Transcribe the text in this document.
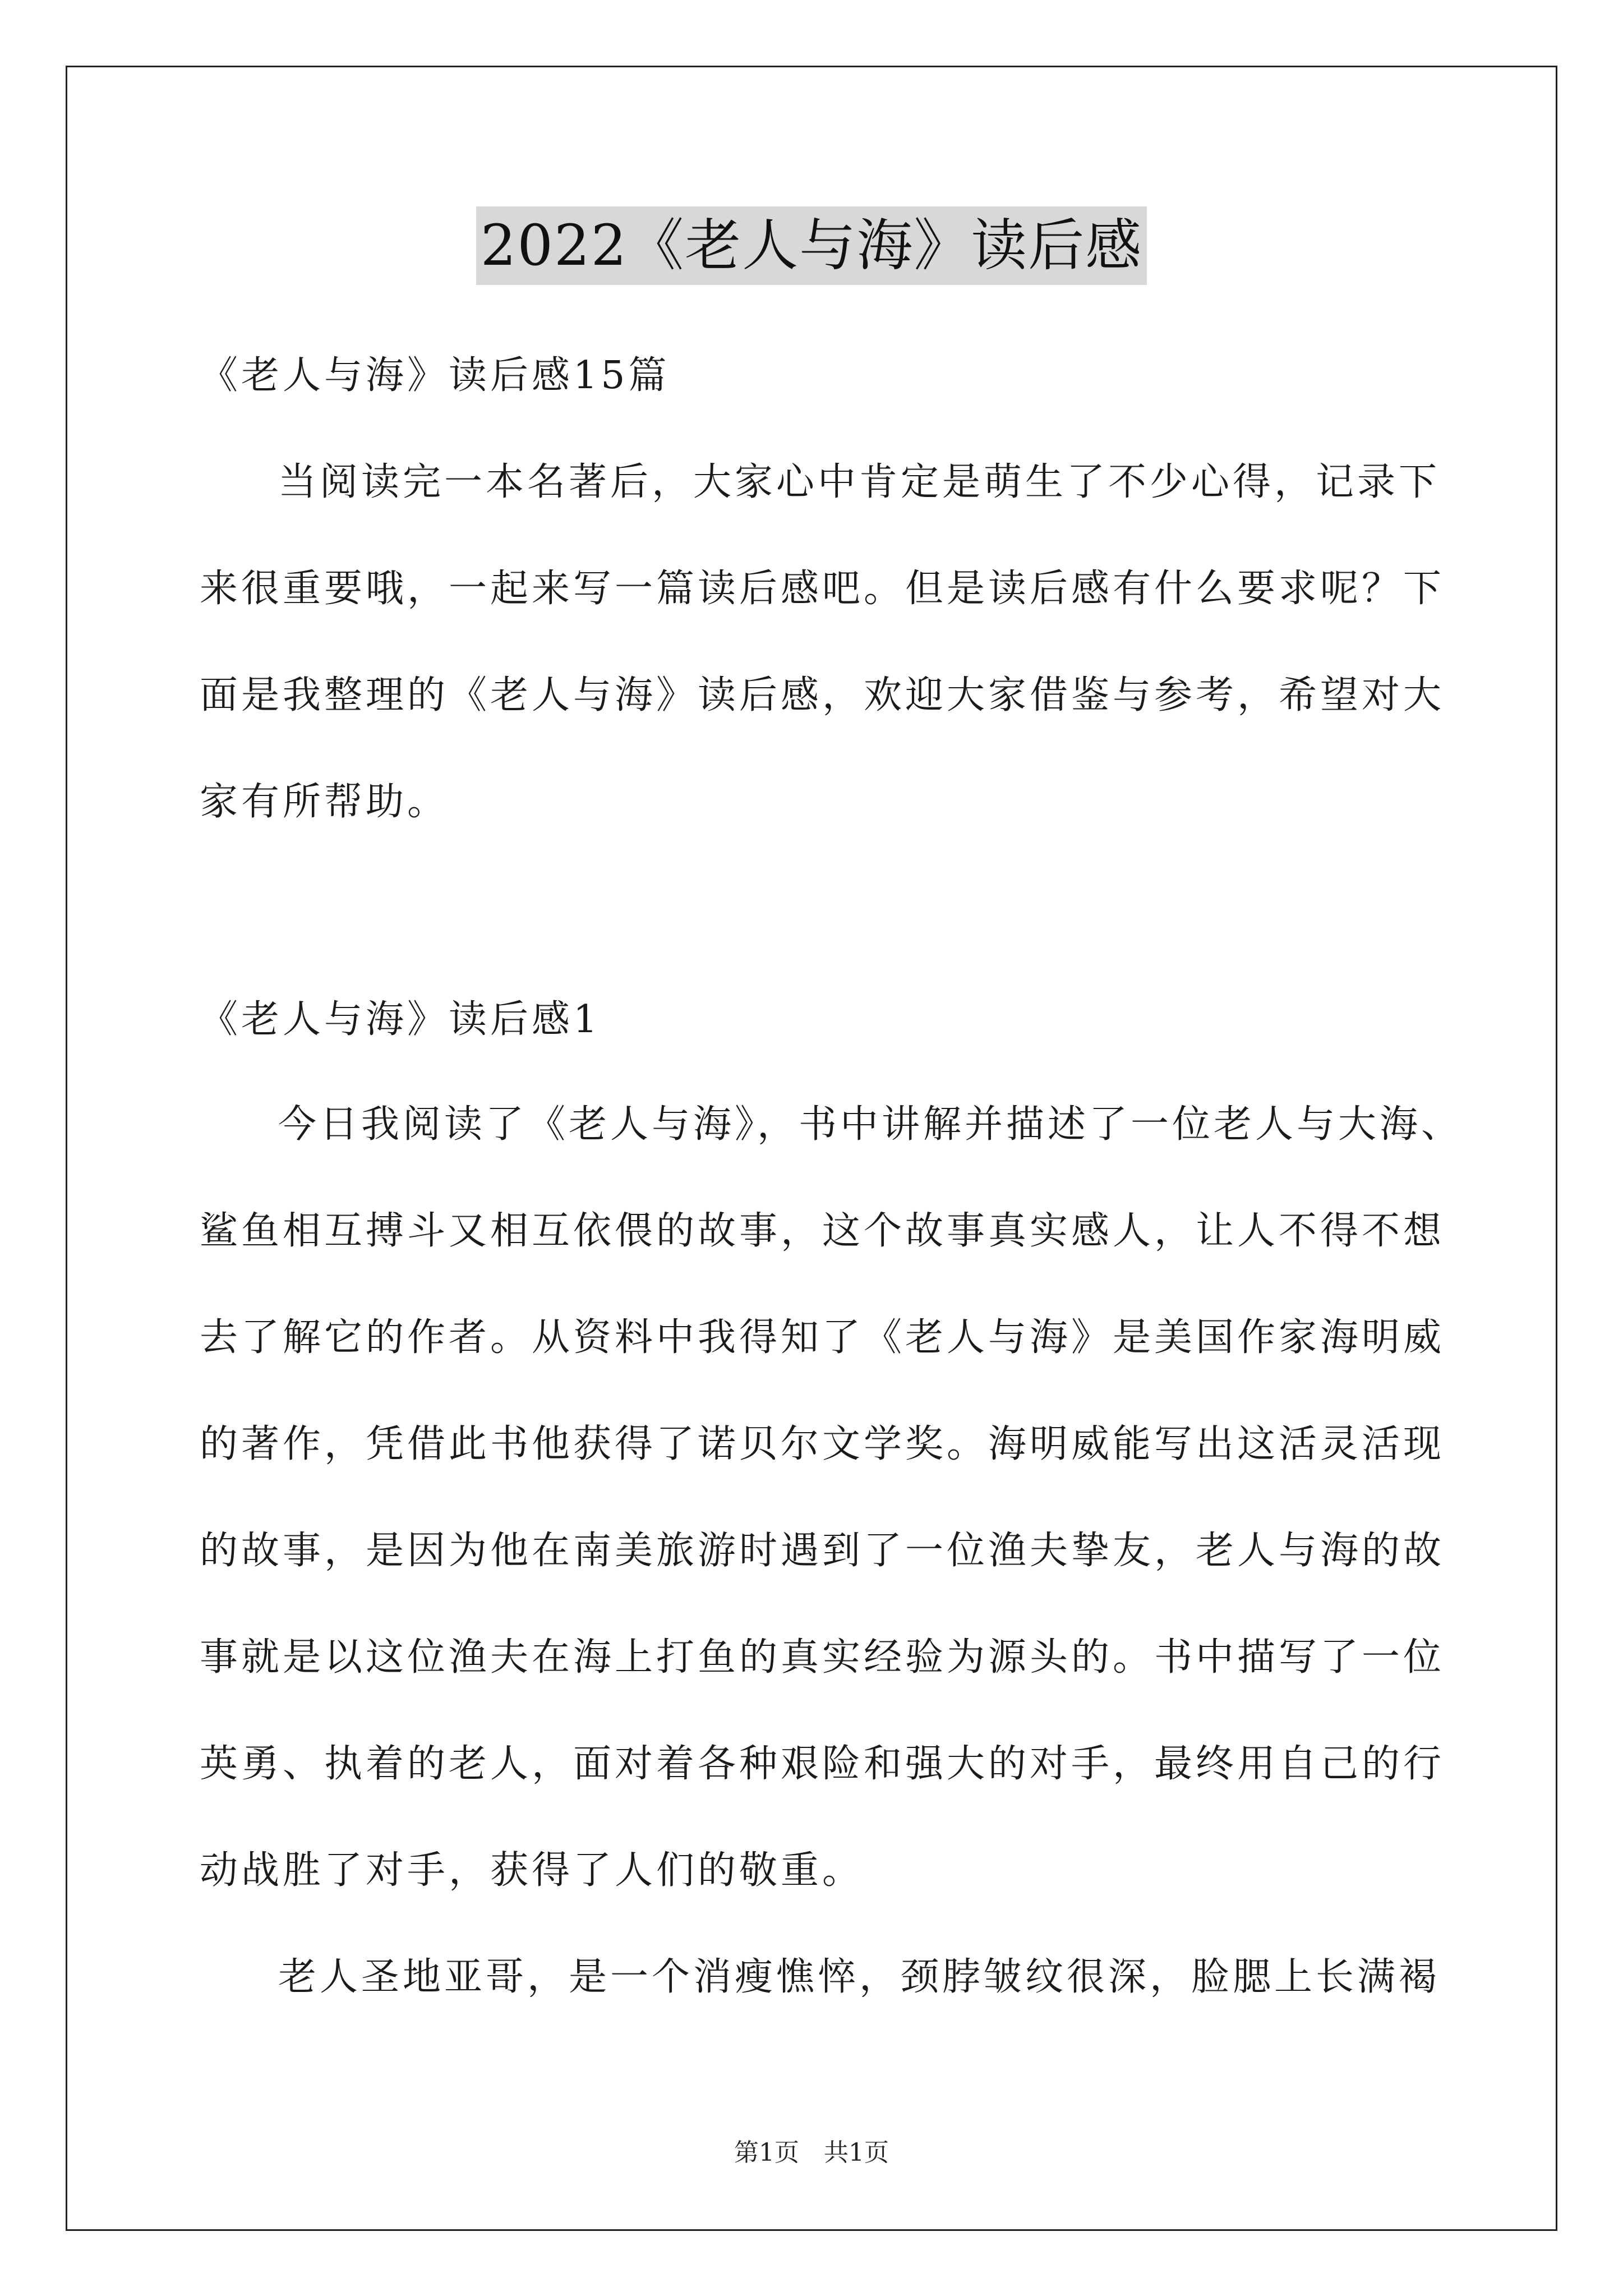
2022《老人与海》读后感
《老人与海》读后感15篇
当阅读完一本名著后，大家心中肯定是萌生了不少心得，记录下
来很重要哦，一起来写一篇读后感吧。但是读后感有什么要求呢？下
面是我整理的《老人与海》读后感，欢迎大家借鉴与参考，希望对大
家有所帮助。
《老人与海》读后感1
今日我阅读了《老人与海》，书中讲解并描述了一位老人与大海、
鲨鱼相互搏斗又相互依偎的故事，这个故事真实感人，让人不得不想
去了解它的作者。从资料中我得知了《老人与海》是美国作家海明威
的著作，凭借此书他获得了诺贝尔文学奖。海明威能写出这活灵活现
的故事，是因为他在南美旅游时遇到了一位渔夫挚友，老人与海的故
事就是以这位渔夫在海上打鱼的真实经验为源头的。书中描写了一位
英勇、执着的老人，面对着各种艰险和强大的对手，最终用自己的行
动战胜了对手，获得了人们的敬重。
老人圣地亚哥，是一个消瘦憔悴，颈脖皱纹很深，脸腮上长满褐
第1页　共1页
